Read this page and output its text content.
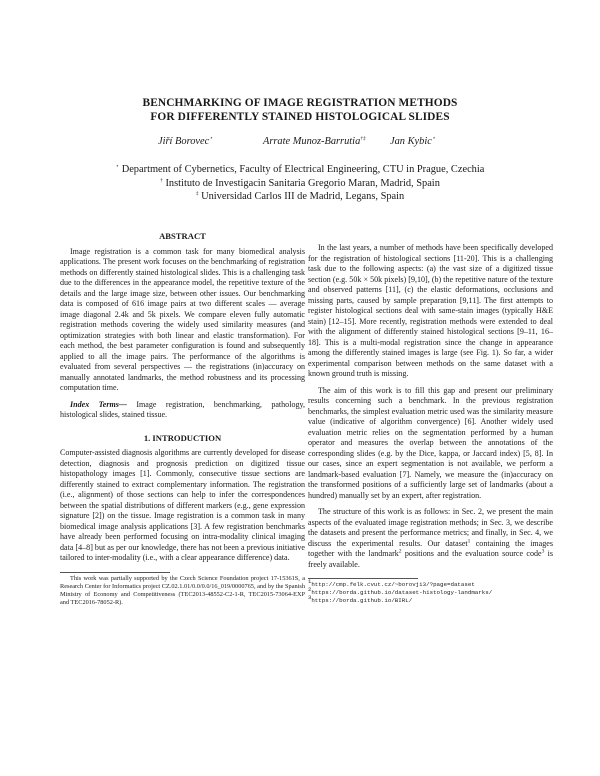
BENCHMARKING OF IMAGE REGISTRATION METHODS
FOR DIFFERENTLY STAINED HISTOLOGICAL SLIDES
Jiří Borovec⋆	Arrate Munoz-Barrutia†‡ Jan Kybic⋆
⋆ Department of Cybernetics, Faculty of Electrical Engineering, CTU in Prague, Czechia
† Instituto de Investigacin Sanitaria Gregorio Maran, Madrid, Spain
‡ Universidad Carlos III de Madrid, Legans, Spain
ABSTRACT

Image registration is a common task for many biomedical analysis applications. The present work focuses on the benchmarking of registration methods on differently stained histological slides. This is a challenging task due to the differences in the appearance model, the repetitive texture of the details and the large image size, between other issues. Our benchmarking data is composed of 616 image pairs at two different scales — average image diagonal 2.4k and 5k pixels. We compare eleven fully automatic registration methods covering the widely used similarity measures (and optimization strategies with both linear and elastic transformation). For each method, the best parameter configuration is found and subsequently applied to all the image pairs. The performance of the algorithms is evaluated from several perspectives — the registrations (in)accuracy on manually annotated landmarks, the method robustness and its processing computation time.

Index Terms— Image registration, benchmarking, pathology, histological slides, stained tissue.

1. INTRODUCTION

Computer-assisted diagnosis algorithms are currently developed for disease detection, diagnosis and prognosis prediction on digitized tissue histopathology images [1]. Commonly, consecutive tissue sections are differently stained to extract complementary information. The registration (i.e., alignment) of those sections can help to infer the correspondences between the spatial distributions of different markers (e.g., gene expression signature [2]) on the tissue. Image registration is a common task in many biomedical image analysis applications [3]. A few registration benchmarks have already been performed focusing on intra-modality clinical imaging data [4–8] but as per our knowledge, there has not been a previous initiative tailored to inter-modality (i.e., with a clear appearance difference) data.

This work was partially supported by the Czech Science Foundation project 17-15361S, a Research Center for Informatics project CZ.02.1.01/0.0/0.0/16_019/0000765, and by the Spanish Ministry of Economy and Competitiveness (TEC2013-48552-C2-1-R, TEC2015-73064-EXP and TEC2016-78052-R).

In the last years, a number of methods have been specifically developed for the registration of histological sections [11-20]. This is a challenging task due to the following aspects: (a) the vast size of a digitized tissue section (e.g. 50k × 50k pixels) [9,10], (b) the repetitive nature of the texture and observed patterns [11], (c) the elastic deformations, occlusions and missing parts, caused by sample preparation [9,11]. The first attempts to register histological sections deal with same-stain images (typically H&E stain) [12–15]. More recently, registration methods were extended to deal with the alignment of differently stained histological sections [9–11, 16–18]. This is a multi-modal registration since the change in appearance among the differently stained images is large (see Fig. 1). So far, a wider experimental comparison between methods on the same dataset with a known ground truth is missing.

The aim of this work is to fill this gap and present our preliminary results concerning such a benchmark. In the previous registration benchmarks, the simplest evaluation metric used was the similarity measure value (indicative of algorithm convergence) [6]. Another widely used evaluation metric relies on the segmentation performed by a human operator and measures the overlap between the annotations of the corresponding slides (e.g. by the Dice, kappa, or Jaccard index) [5, 8]. In our cases, since an expert segmentation is not available, we perform a landmark-based evaluation [7]. Namely, we measure the (in)accuracy on the transformed positions of a sufficiently large set of landmarks (about a hundred) manually set by an expert, after registration.

The structure of this work is as follows: in Sec. 2, we present the main aspects of the evaluated image registration methods; in Sec. 3, we describe the datasets and present the performance metrics; and finally, in Sec. 4, we discuss the experimental results. Our dataset$^1$ containing the images together with the landmark$^2$ positions and the evaluation source code$^3$ is freely available.

$^1$http://cmp.felk.cvut.cz/~borovji3/?page=dataset
$^2$https://borda.github.io/dataset-histology-landmarks/
$^3$https://borda.github.io/BIRL/
